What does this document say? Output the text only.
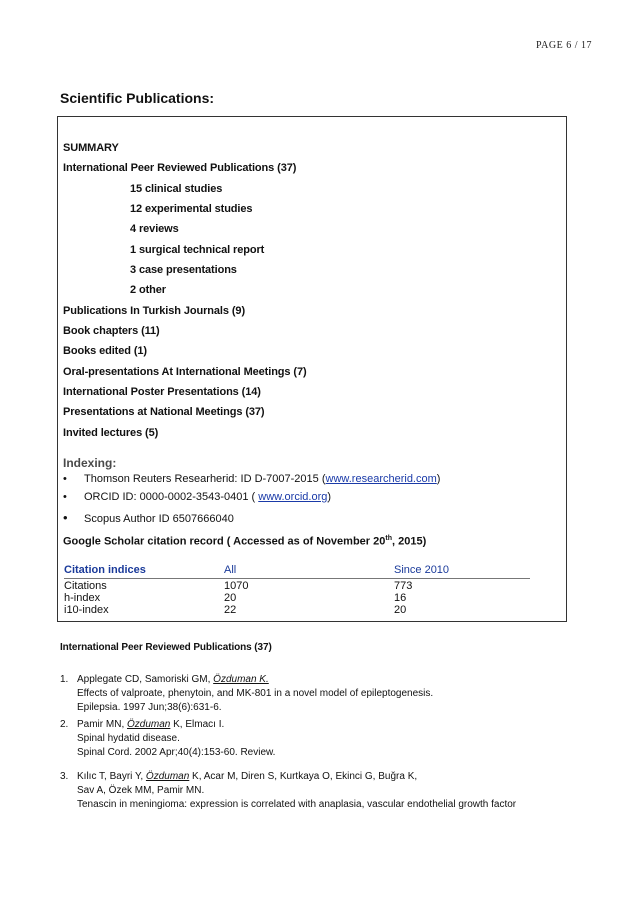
PAGE 6 / 17
Scientific Publications:
SUMMARY
International Peer Reviewed Publications (37)
15 clinical studies
12 experimental studies
4 reviews
1 surgical technical report
3 case presentations
2 other
Publications In Turkish Journals (9)
Book chapters (11)
Books edited (1)
Oral-presentations At International Meetings (7)
International Poster Presentations (14)
Presentations at National Meetings (37)
Invited lectures (5)
Indexing:
• Thomson Reuters Researherid: ID D-7007-2015 (www.researcherid.com)
• ORCID ID: 0000-0002-3543-0401 ( www.orcid.org)
• Scopus Author ID 6507666040
Google Scholar citation record ( Accessed as of November 20th, 2015)
Citation indices	All	Since 2010
Citations	1070	773
h-index	20	16
i10-index	22	20
International Peer Reviewed Publications (37)
1. Applegate CD, Samoriski GM, Özduman K.
Effects of valproate, phenytoin, and MK-801 in a novel model of epileptogenesis.
Epilepsia. 1997 Jun;38(6):631-6.
2. Pamir MN, Özduman K, Elmacı I.
Spinal hydatid disease.
Spinal Cord. 2002 Apr;40(4):153-60. Review.
3. Kılıc T, Bayri Y, Özduman K, Acar M, Diren S, Kurtkaya O, Ekinci G, Buğra K,
Sav A, Özek MM, Pamir MN.
Tenascin in meningioma: expression is correlated with anaplasia, vascular endothelial growth factor
